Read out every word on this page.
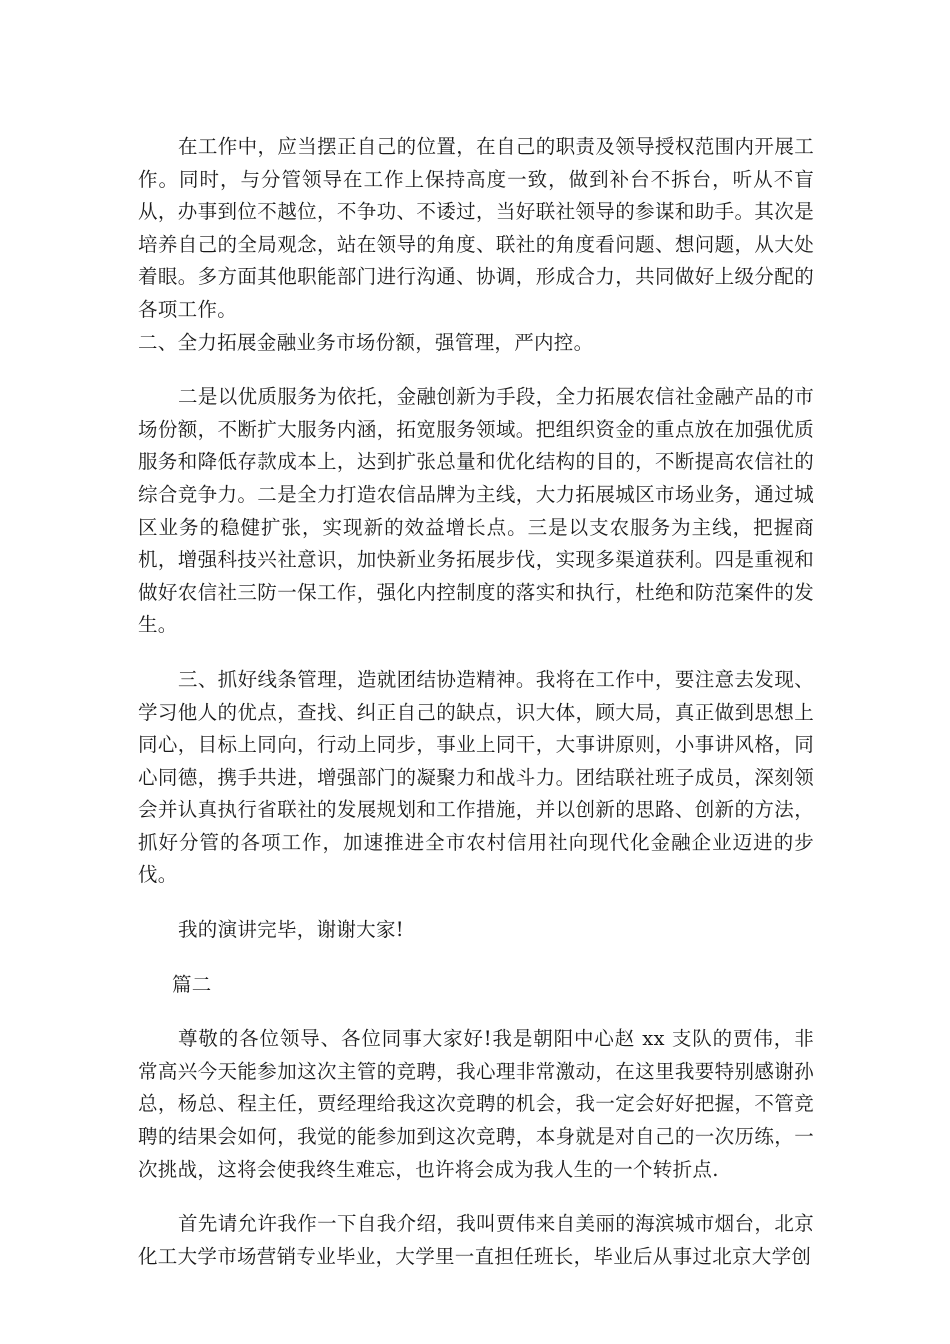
在工作中，应当摆正自己的位置，在自己的职责及领导授权范围内开展工作。同时，与分管领导在工作上保持高度一致，做到补台不拆台，听从不盲从，办事到位不越位，不争功、不诿过，当好联社领导的参谋和助手。其次是培养自己的全局观念，站在领导的角度、联社的角度看问题、想问题，从大处着眼。多方面其他职能部门进行沟通、协调，形成合力，共同做好上级分配的各项工作。

二、全力拓展金融业务市场份额，强管理，严内控。

二是以优质服务为依托，金融创新为手段，全力拓展农信社金融产品的市场份额，不断扩大服务内涵，拓宽服务领域。把组织资金的重点放在加强优质服务和降低存款成本上，达到扩张总量和优化结构的目的，不断提高农信社的综合竞争力。二是全力打造农信品牌为主线，大力拓展城区市场业务，通过城区业务的稳健扩张，实现新的效益增长点。三是以支农服务为主线，把握商机，增强科技兴社意识，加快新业务拓展步伐，实现多渠道获利。四是重视和做好农信社三防一保工作，强化内控制度的落实和执行，杜绝和防范案件的发生。

三、抓好线条管理，造就团结协造精神。我将在工作中，要注意去发现、学习他人的优点，查找、纠正自己的缺点，识大体，顾大局，真正做到思想上同心，目标上同向，行动上同步，事业上同干，大事讲原则，小事讲风格，同心同德，携手共进，增强部门的凝聚力和战斗力。团结联社班子成员，深刻领会并认真执行省联社的发展规划和工作措施，并以创新的思路、创新的方法，抓好分管的各项工作，加速推进全市农村信用社向现代化金融企业迈进的步伐。

我的演讲完毕，谢谢大家!

篇二

尊敬的各位领导、各位同事大家好!我是朝阳中心赵 xx 支队的贾伟，非常高兴今天能参加这次主管的竞聘，我心理非常激动，在这里我要特别感谢孙总，杨总、程主任，贾经理给我这次竞聘的机会，我一定会好好把握，不管竞聘的结果会如何，我觉的能参加到这次竞聘，本身就是对自己的一次历练，一次挑战，这将会使我终生难忘，也许将会成为我人生的一个转折点.

首先请允许我作一下自我介绍，我叫贾伟来自美丽的海滨城市烟台，北京化工大学市场营销专业毕业，大学里一直担任班长，毕业后从事过北京大学创
